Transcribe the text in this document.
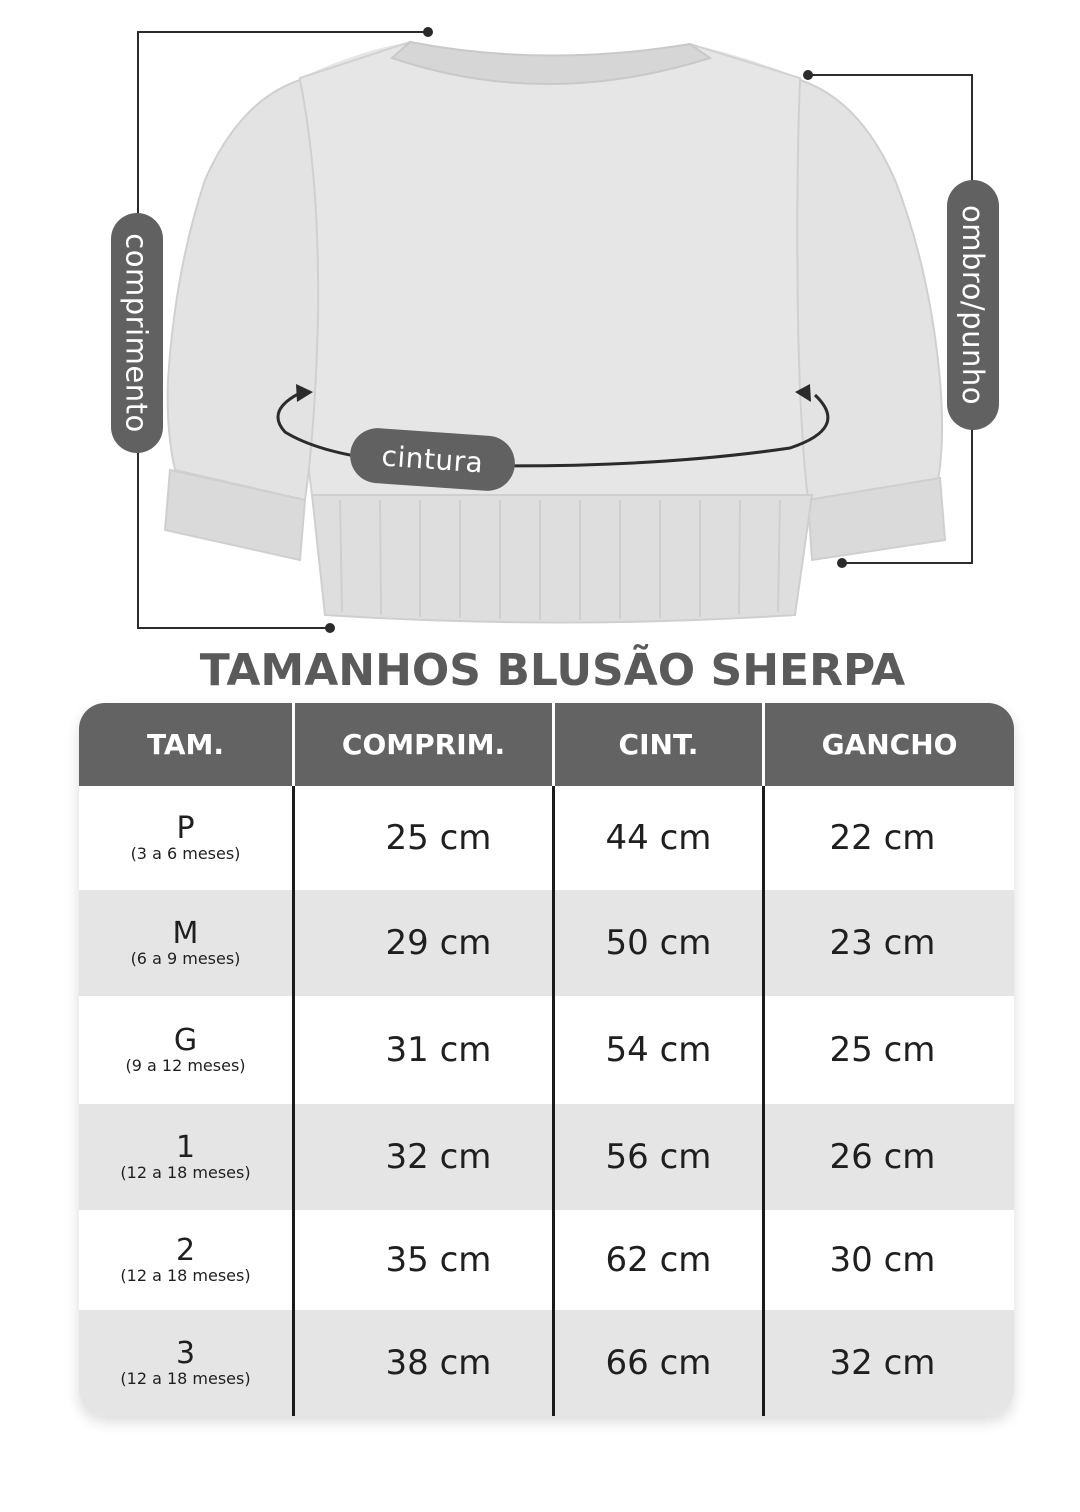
comprimento	ombro/punho
cintura
TAMANHOS BLUSÃO SHERPA
TAM.	COMPRIM.	CINT.	GANCHO
P
(3 a 6 meses)	25 cm	44 cm	22 cm
M
(6 a 9 meses)	29 cm	50 cm	23 cm
G
(9 a 12 meses)	31 cm	54 cm	25 cm
1
(12 a 18 meses)	32 cm	56 cm	26 cm
2
(12 a 18 meses)	35 cm	62 cm	30 cm
3
(12 a 18 meses)	38 cm	66 cm	32 cm
